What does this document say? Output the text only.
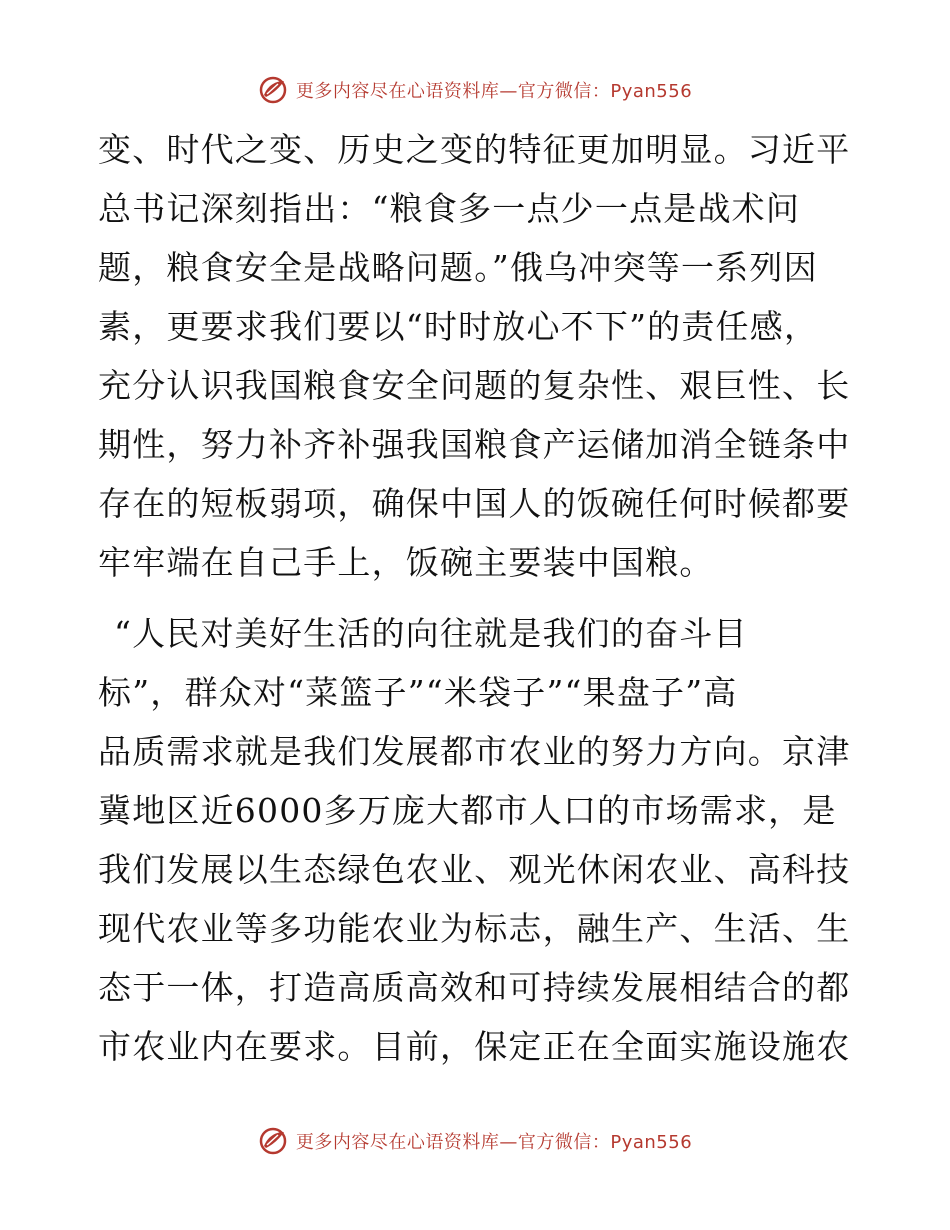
更多内容尽在心语资料库—官方微信：Pyan556
变、时代之变、历史之变的特征更加明显。习近平
总书记深刻指出：“粮食多一点少一点是战术问
题，粮食安全是战略问题。”俄乌冲突等一系列因
素，更要求我们要以“时时放心不下”的责任感，
充分认识我国粮食安全问题的复杂性、艰巨性、长
期性，努力补齐补强我国粮食产运储加消全链条中
存在的短板弱项，确保中国人的饭碗任何时候都要
牢牢端在自己手上，饭碗主要装中国粮。
“人民对美好生活的向往就是我们的奋斗目
标”，群众对“菜篮子”“米袋子”“果盘子”高
品质需求就是我们发展都市农业的努力方向。京津
冀地区近6000多万庞大都市人口的市场需求，是
我们发展以生态绿色农业、观光休闲农业、高科技
现代农业等多功能农业为标志，融生产、生活、生
态于一体，打造高质高效和可持续发展相结合的都
市农业内在要求。目前，保定正在全面实施设施农
更多内容尽在心语资料库—官方微信：Pyan556
